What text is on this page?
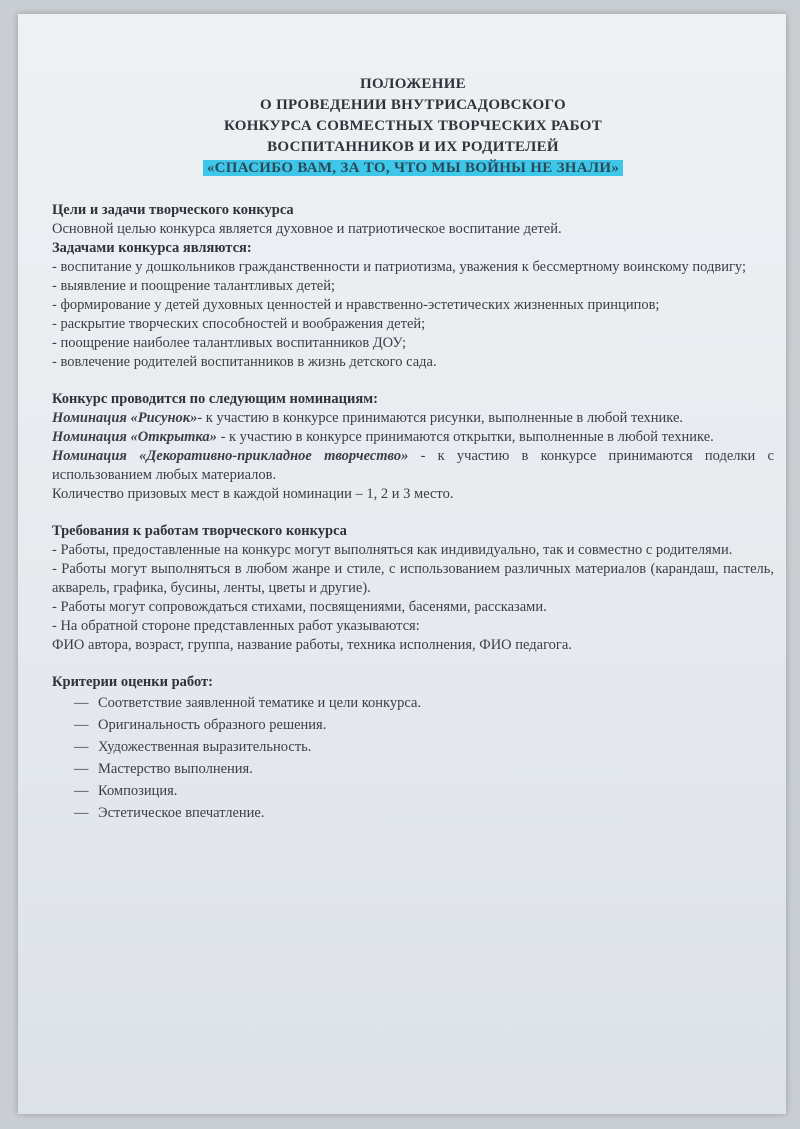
ПОЛОЖЕНИЕ
О ПРОВЕДЕНИИ ВНУТРИСАДОВСКОГО
КОНКУРСА СОВМЕСТНЫХ ТВОРЧЕСКИХ РАБОТ
ВОСПИТАННИКОВ И ИХ РОДИТЕЛЕЙ
«СПАСИБО ВАМ, ЗА ТО, ЧТО МЫ ВОЙНЫ НЕ ЗНАЛИ»
Цели и задачи творческого конкурса
Основной целью конкурса является духовное и патриотическое воспитание детей.
Задачами конкурса являются:
- воспитание у дошкольников гражданственности и патриотизма, уважения к бессмертному воинскому подвигу;
- выявление и поощрение талантливых детей;
- формирование у детей духовных ценностей и нравственно-эстетических жизненных принципов;
- раскрытие творческих способностей и воображения детей;
- поощрение наиболее талантливых воспитанников ДОУ;
- вовлечение родителей воспитанников в жизнь детского сада.
Конкурс проводится по следующим номинациям:
Номинация «Рисунок»- к участию в конкурсе принимаются рисунки, выполненные в любой технике.
Номинация «Открытка» - к участию в конкурсе принимаются открытки, выполненные в любой технике.
Номинация «Декоративно-прикладное творчество» - к участию в конкурсе принимаются поделки с использованием любых материалов.
Количество призовых мест в каждой номинации – 1, 2 и 3 место.
Требования к работам творческого конкурса
- Работы, предоставленные на конкурс могут выполняться как индивидуально, так и совместно с родителями.
- Работы могут выполняться в любом жанре и стиле, с использованием различных материалов (карандаш, пастель, акварель, графика, бусины, ленты, цветы и другие).
- Работы могут сопровождаться стихами, посвящениями, басенями, рассказами.
- На обратной стороне представленных работ указываются:
ФИО автора, возраст, группа, название работы, техника исполнения, ФИО педагога.
Критерии оценки работ:
— Соответствие заявленной тематике и цели конкурса.
— Оригинальность образного решения.
— Художественная выразительность.
— Мастерство выполнения.
— Композиция.
— Эстетическое впечатление.
